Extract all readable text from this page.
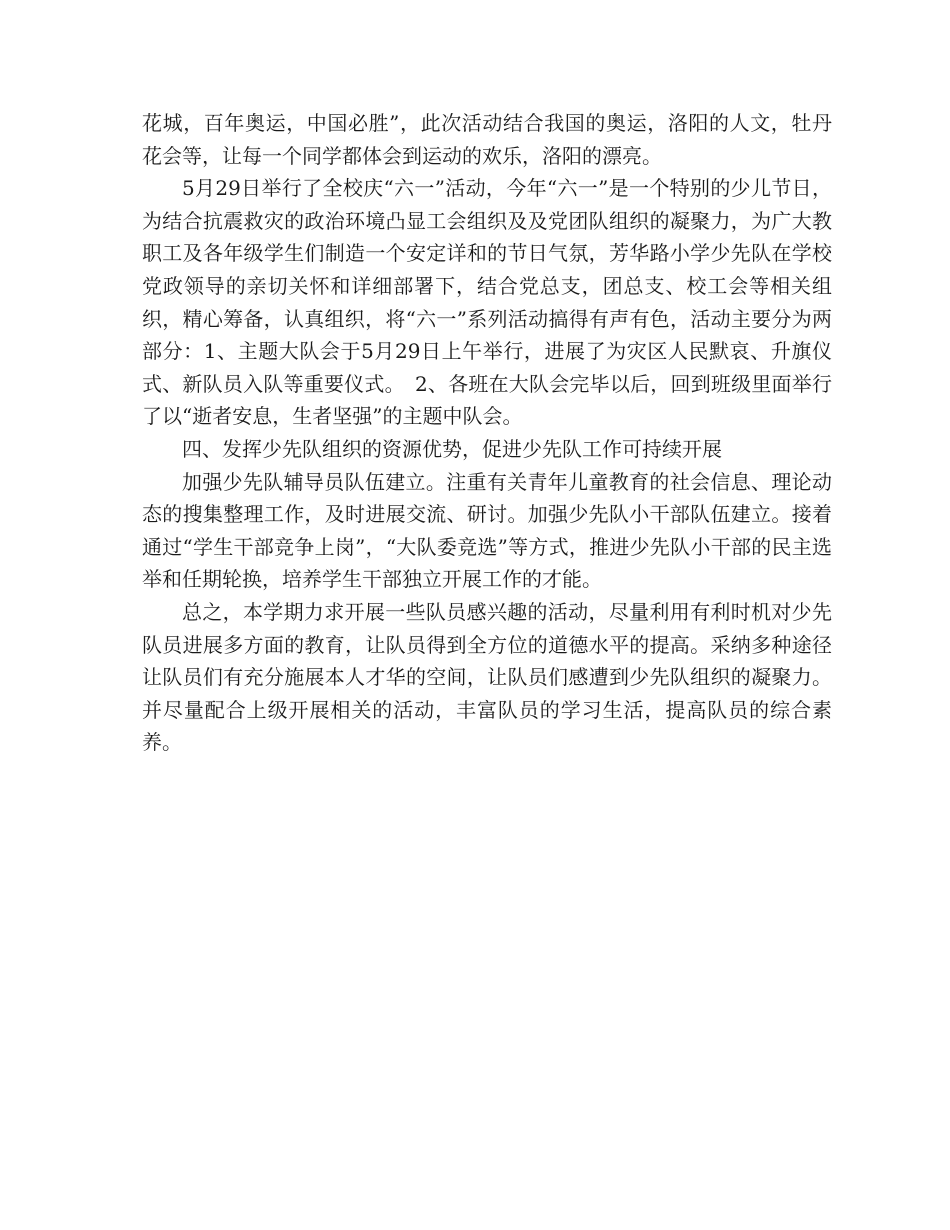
花城，百年奥运，中国必胜”，此次活动结合我国的奥运，洛阳的人文，牡丹花会等，让每一个同学都体会到运动的欢乐，洛阳的漂亮。

5月29日举行了全校庆“六一”活动，今年“六一”是一个特别的少儿节日，为结合抗震救灾的政治环境凸显工会组织及及党团队组织的凝聚力，为广大教职工及各年级学生们制造一个安定详和的节日气氛，芳华路小学少先队在学校党政领导的亲切关怀和详细部署下，结合党总支，团总支、校工会等相关组织，精心筹备，认真组织，将“六一”系列活动搞得有声有色，活动主要分为两部分：1、主题大队会于5月29日上午举行，进展了为灾区人民默哀、升旗仪式、新队员入队等重要仪式。　2、各班在大队会完毕以后，回到班级里面举行了以“逝者安息，生者坚强”的主题中队会。

四、发挥少先队组织的资源优势，促进少先队工作可持续开展

加强少先队辅导员队伍建立。注重有关青年儿童教育的社会信息、理论动态的搜集整理工作，及时进展交流、研讨。加强少先队小干部队伍建立。接着通过“学生干部竞争上岗”，“大队委竞选”等方式，推进少先队小干部的民主选举和任期轮换，培养学生干部独立开展工作的才能。

总之，本学期力求开展一些队员感兴趣的活动，尽量利用有利时机对少先队员进展多方面的教育，让队员得到全方位的道德水平的提高。采纳多种途径让队员们有充分施展本人才华的空间，让队员们感遭到少先队组织的凝聚力。并尽量配合上级开展相关的活动，丰富队员的学习生活，提高队员的综合素养。
